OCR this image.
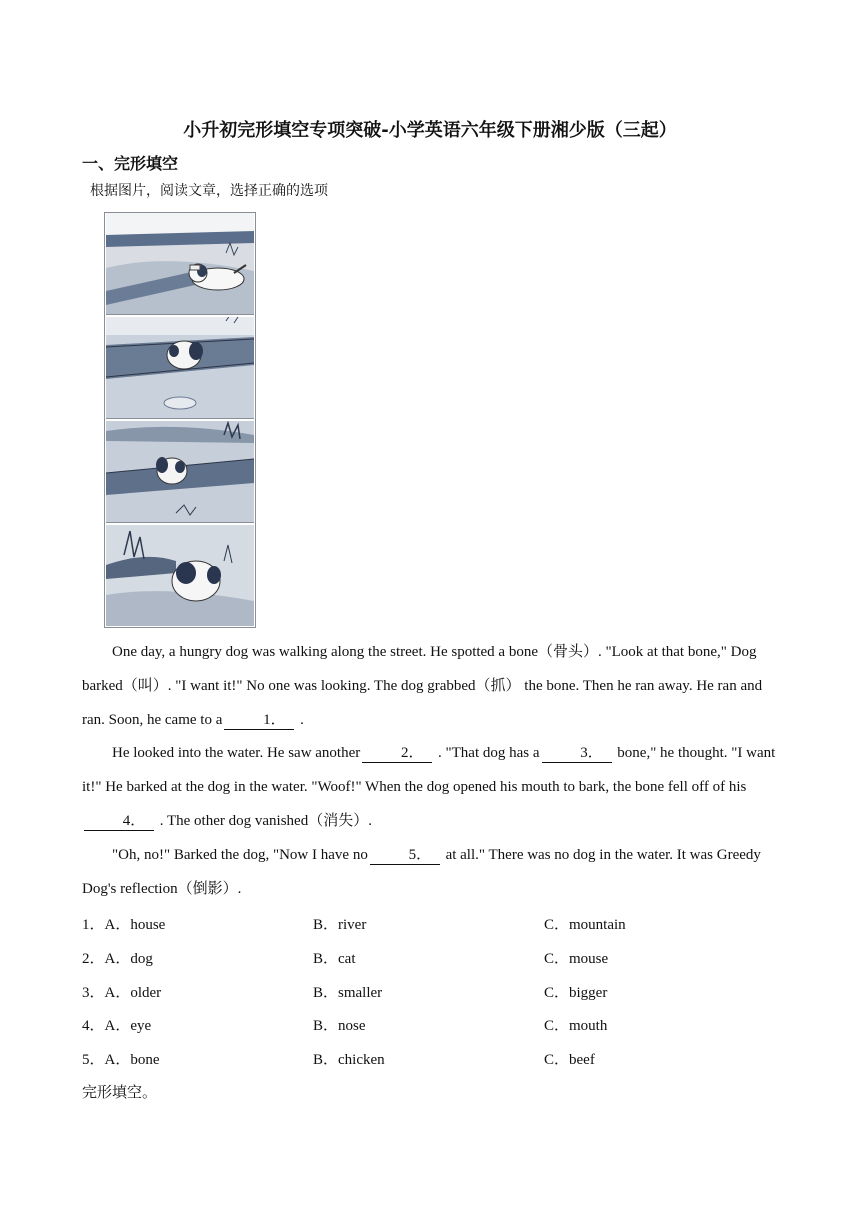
小升初完形填空专项突破-小学英语六年级下册湘少版（三起）
一、完形填空
根据图片，阅读文章，选择正确的选项

One day, a hungry dog was walking along the street. He spotted a bone（骨头）. "Look at that bone," Dog barked（叫）. "I want it!" No one was looking. The dog grabbed（抓） the bone. Then he ran away. He ran and ran. Soon, he came to a	1． .

He looked into the water. He saw another	2． . "That dog has a	3． bone," he thought. "I want it!" He barked at the dog in the water. "Woof!" When the dog opened his mouth to bark, the bone fell off of his4． . The other dog vanished（消失）.

"Oh, no!" Barked the dog, "Now I have no	5． at all." There was no dog in the water. It was Greedy Dog's reflection（倒影）.

1．A．house	B．river	C．mountain
2．A．dog	B．cat	C．mouse
3．A．older	B．smaller	C．bigger
4．A．eye	B．nose	C．mouth
5．A．bone	B．chicken	C．beef
完形填空。
